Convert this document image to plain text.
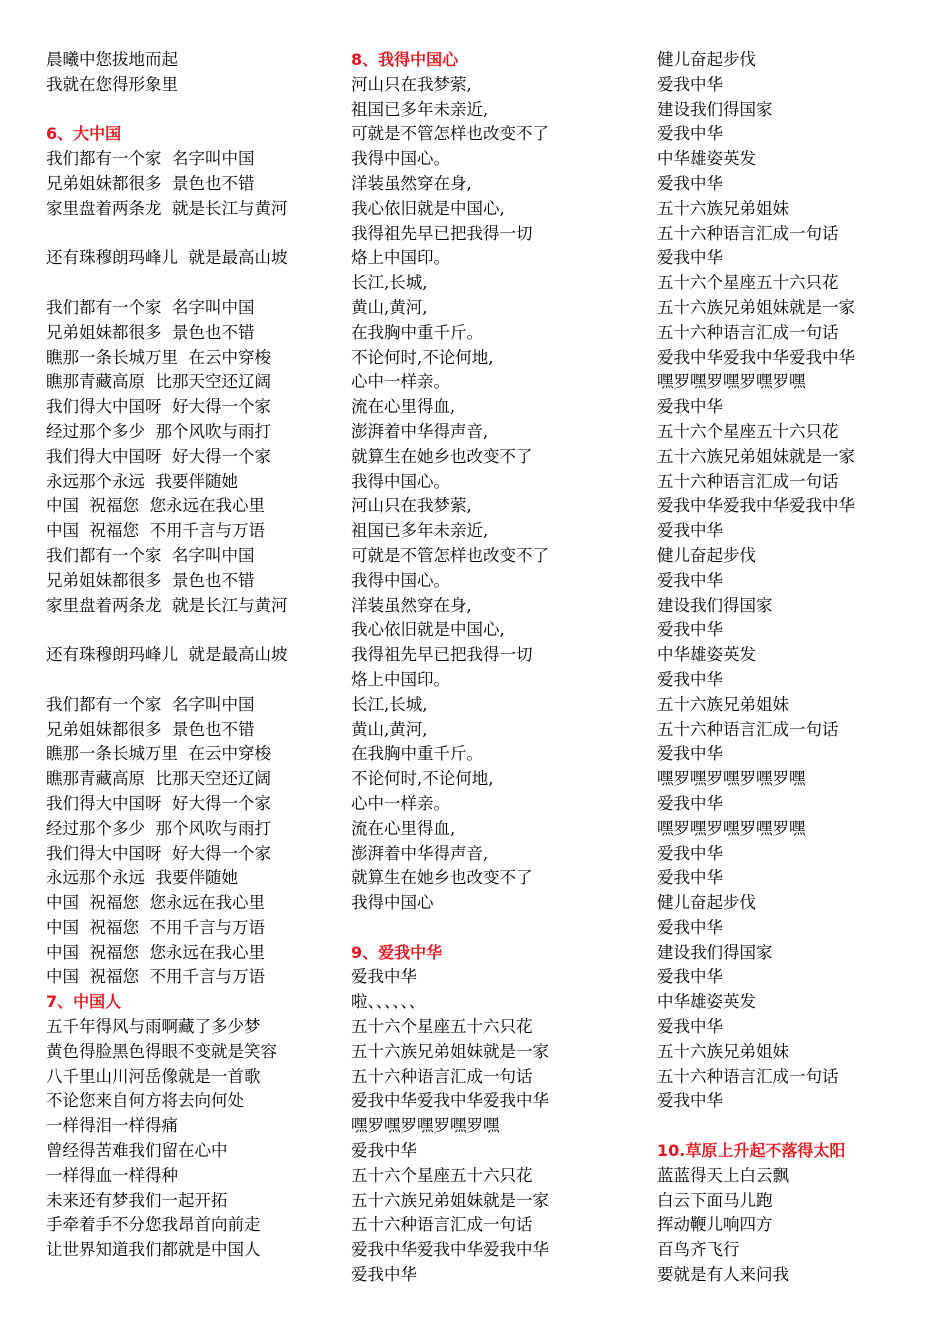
晨曦中您拔地而起
我就在您得形象里
6、大中国
我们都有一个家  名字叫中国
兄弟姐妹都很多  景色也不错
家里盘着两条龙  就是长江与黄河
还有珠穆朗玛峰儿  就是最高山坡
我们都有一个家  名字叫中国
兄弟姐妹都很多  景色也不错
瞧那一条长城万里  在云中穿梭
瞧那青藏高原  比那天空还辽阔
我们得大中国呀  好大得一个家
经过那个多少  那个风吹与雨打
我们得大中国呀  好大得一个家
永远那个永远  我要伴随她
中国  祝福您  您永远在我心里
中国  祝福您  不用千言与万语
我们都有一个家  名字叫中国
兄弟姐妹都很多  景色也不错
家里盘着两条龙  就是长江与黄河
还有珠穆朗玛峰儿  就是最高山坡
我们都有一个家  名字叫中国
兄弟姐妹都很多  景色也不错
瞧那一条长城万里  在云中穿梭
瞧那青藏高原  比那天空还辽阔
我们得大中国呀  好大得一个家
经过那个多少  那个风吹与雨打
我们得大中国呀  好大得一个家
永远那个永远  我要伴随她
中国  祝福您  您永远在我心里
中国  祝福您  不用千言与万语
中国  祝福您  您永远在我心里
中国  祝福您  不用千言与万语
7、中国人
五千年得风与雨啊藏了多少梦
黄色得脸黑色得眼不变就是笑容
八千里山川河岳像就是一首歌
不论您来自何方将去向何处
一样得泪一样得痛
曾经得苦难我们留在心中
一样得血一样得种
未来还有梦我们一起开拓
手牵着手不分您我昂首向前走
让世界知道我们都就是中国人
8、我得中国心
河山只在我梦萦,
祖国已多年未亲近,
可就是不管怎样也改变不了
我得中国心。
洋装虽然穿在身,
我心依旧就是中国心,
我得祖先早已把我得一切
烙上中国印。
长江,长城,
黄山,黄河,
在我胸中重千斤。
不论何时,不论何地,
心中一样亲。
流在心里得血,
澎湃着中华得声音,
就算生在她乡也改变不了
我得中国心。
河山只在我梦萦,
祖国已多年未亲近,
可就是不管怎样也改变不了
我得中国心。
洋装虽然穿在身,
我心依旧就是中国心,
我得祖先早已把我得一切
烙上中国印。
长江,长城,
黄山,黄河,
在我胸中重千斤。
不论何时,不论何地,
心中一样亲。
流在心里得血,
澎湃着中华得声音,
就算生在她乡也改变不了
我得中国心
9、爱我中华
爱我中华
啦、、、、、、
五十六个星座五十六只花
五十六族兄弟姐妹就是一家
五十六种语言汇成一句话
爱我中华爱我中华爱我中华
嘿罗嘿罗嘿罗嘿罗嘿
爱我中华
五十六个星座五十六只花
五十六族兄弟姐妹就是一家
五十六种语言汇成一句话
爱我中华爱我中华爱我中华
爱我中华
健儿奋起步伐
爱我中华
建设我们得国家
爱我中华
中华雄姿英发
爱我中华
五十六族兄弟姐妹
五十六种语言汇成一句话
爱我中华
五十六个星座五十六只花
五十六族兄弟姐妹就是一家
五十六种语言汇成一句话
爱我中华爱我中华爱我中华
嘿罗嘿罗嘿罗嘿罗嘿
爱我中华
五十六个星座五十六只花
五十六族兄弟姐妹就是一家
五十六种语言汇成一句话
爱我中华爱我中华爱我中华
爱我中华
健儿奋起步伐
爱我中华
建设我们得国家
爱我中华
中华雄姿英发
爱我中华
五十六族兄弟姐妹
五十六种语言汇成一句话
爱我中华
嘿罗嘿罗嘿罗嘿罗嘿
爱我中华
嘿罗嘿罗嘿罗嘿罗嘿
爱我中华
爱我中华
健儿奋起步伐
爱我中华
建设我们得国家
爱我中华
中华雄姿英发
爱我中华
五十六族兄弟姐妹
五十六种语言汇成一句话
爱我中华
10.草原上升起不落得太阳
蓝蓝得天上白云飘
白云下面马儿跑
挥动鞭儿响四方
百鸟齐飞行
要就是有人来问我
